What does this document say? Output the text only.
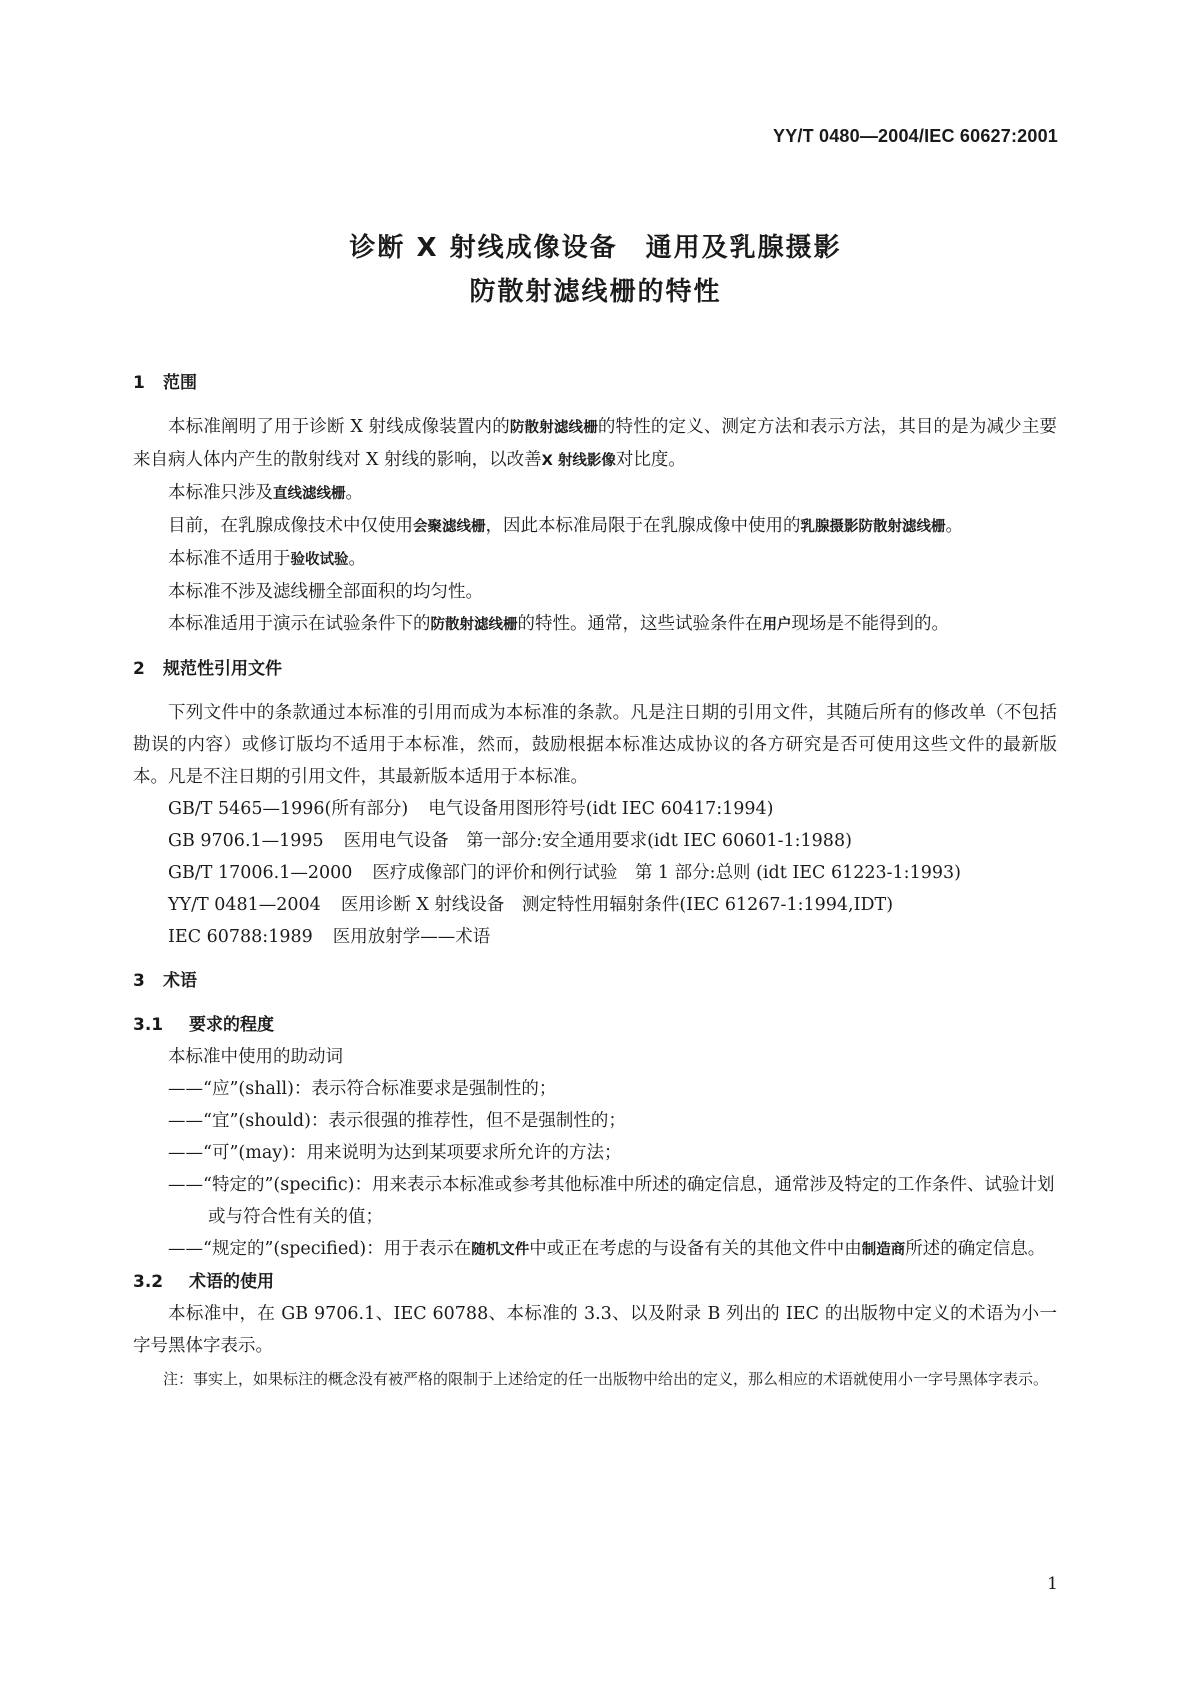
YY/T 0480—2004/IEC 60627:2001
诊断 X 射线成像设备　通用及乳腺摄影
防散射滤线栅的特性
1 范围

本标准阐明了用于诊断 X 射线成像装置内的防散射滤线栅的特性的定义、测定方法和表示方法，其目的是为减少主要来自病人体内产生的散射线对 X 射线的影响，以改善X 射线影像对比度。

本标准只涉及直线滤线栅。

目前，在乳腺成像技术中仅使用会聚滤线栅，因此本标准局限于在乳腺成像中使用的乳腺摄影防散射滤线栅。

本标准不适用于验收试验。

本标准不涉及滤线栅全部面积的均匀性。

本标准适用于演示在试验条件下的防散射滤线栅的特性。通常，这些试验条件在用户现场是不能得到的。

2 规范性引用文件

下列文件中的条款通过本标准的引用而成为本标准的条款。凡是注日期的引用文件，其随后所有的修改单（不包括勘误的内容）或修订版均不适用于本标准，然而，鼓励根据本标准达成协议的各方研究是否可使用这些文件的最新版本。凡是不注日期的引用文件，其最新版本适用于本标准。

GB/T 5465—1996(所有部分) 电气设备用图形符号(idt IEC 60417:1994)
GB 9706.1—1995 医用电气设备　第一部分:安全通用要求(idt IEC 60601-1:1988)

GB/T 17006.1—2000 医疗成像部门的评价和例行试验　第 1 部分:总则 (idt IEC 61223-1:1993)

YY/T 0481—2004 医用诊断 X 射线设备　测定特性用辐射条件(IEC 61267-1:1994,IDT)
IEC 60788:1989 医用放射学——术语
3 术语
3.1 要求的程度

本标准中使用的助动词

——“应”(shall)：表示符合标准要求是强制性的；

——“宜”(should)：表示很强的推荐性，但不是强制性的；

——“可”(may)：用来说明为达到某项要求所允许的方法；

——“特定的”(specific)：用来表示本标准或参考其他标准中所述的确定信息，通常涉及特定的工作条件、试验计划或与符合性有关的值；

——“规定的”(specified)：用于表示在随机文件中或正在考虑的与设备有关的其他文件中由制造商所述的确定信息。

3.2 术语的使用

本标准中，在 GB 9706.1、IEC 60788、本标准的 3.3、以及附录 B 列出的 IEC 的出版物中定义的术语为小一字号黑体字表示。

注：事实上，如果标注的概念没有被严格的限制于上述给定的任一出版物中给出的定义，那么相应的术语就使用小一字号黑体字表示。

1
